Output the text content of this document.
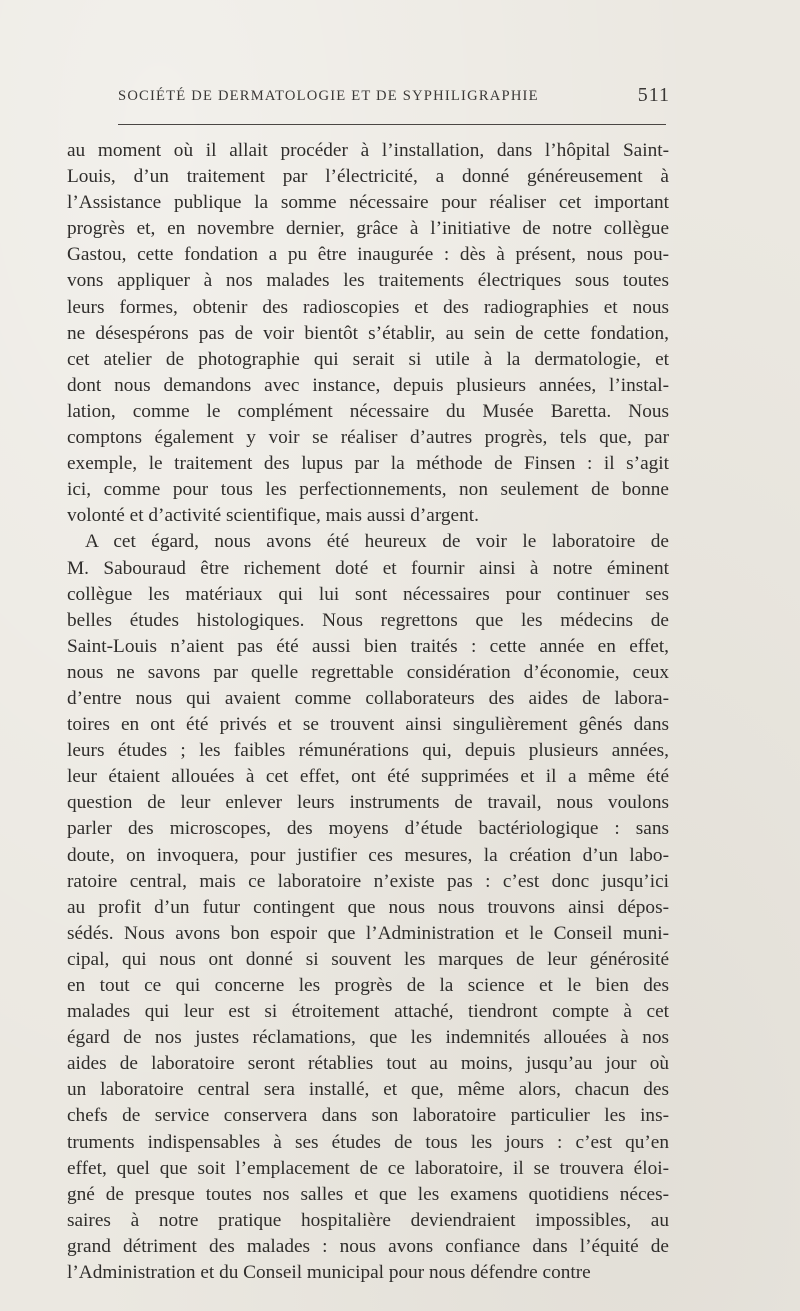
SOCIÉTÉ DE DERMATOLOGIE ET DE SYPHILIGRAPHIE	511
au moment où il allait procéder à l’installation, dans l’hôpital Saint-
Louis, d’un traitement par l’électricité, a donné généreusement à
l’Assistance publique la somme nécessaire pour réaliser cet important
progrès et, en novembre dernier, grâce à l’initiative de notre collègue
Gastou, cette fondation a pu être inaugurée : dès à présent, nous pou-
vons appliquer à nos malades les traitements électriques sous toutes
leurs formes, obtenir des radioscopies et des radiographies et nous
ne désespérons pas de voir bientôt s’établir, au sein de cette fondation,
cet atelier de photographie qui serait si utile à la dermatologie, et
dont nous demandons avec instance, depuis plusieurs années, l’instal-
lation, comme le complément nécessaire du Musée Baretta. Nous
comptons également y voir se réaliser d’autres progrès, tels que, par
exemple, le traitement des lupus par la méthode de Finsen : il s’agit
ici, comme pour tous les perfectionnements, non seulement de bonne
volonté et d’activité scientifique, mais aussi d’argent.
A cet égard, nous avons été heureux de voir le laboratoire de
M. Sabouraud être richement doté et fournir ainsi à notre éminent
collègue les matériaux qui lui sont nécessaires pour continuer ses
belles études histologiques. Nous regrettons que les médecins de
Saint-Louis n’aient pas été aussi bien traités : cette année en effet,
nous ne savons par quelle regrettable considération d’économie, ceux
d’entre nous qui avaient comme collaborateurs des aides de labora-
toires en ont été privés et se trouvent ainsi singulièrement gênés dans
leurs études ; les faibles rémunérations qui, depuis plusieurs années,
leur étaient allouées à cet effet, ont été supprimées et il a même été
question de leur enlever leurs instruments de travail, nous voulons
parler des microscopes, des moyens d’étude bactériologique : sans
doute, on invoquera, pour justifier ces mesures, la création d’un labo-
ratoire central, mais ce laboratoire n’existe pas : c’est donc jusqu’ici
au profit d’un futur contingent que nous nous trouvons ainsi dépos-
sédés. Nous avons bon espoir que l’Administration et le Conseil muni-
cipal, qui nous ont donné si souvent les marques de leur générosité
en tout ce qui concerne les progrès de la science et le bien des
malades qui leur est si étroitement attaché, tiendront compte à cet
égard de nos justes réclamations, que les indemnités allouées à nos
aides de laboratoire seront rétablies tout au moins, jusqu’au jour où
un laboratoire central sera installé, et que, même alors, chacun des
chefs de service conservera dans son laboratoire particulier les ins-
truments indispensables à ses études de tous les jours : c’est qu’en
effet, quel que soit l’emplacement de ce laboratoire, il se trouvera éloi-
gné de presque toutes nos salles et que les examens quotidiens néces-
saires à notre pratique hospitalière deviendraient impossibles, au
grand détriment des malades : nous avons confiance dans l’équité de
l’Administration et du Conseil municipal pour nous défendre contre
